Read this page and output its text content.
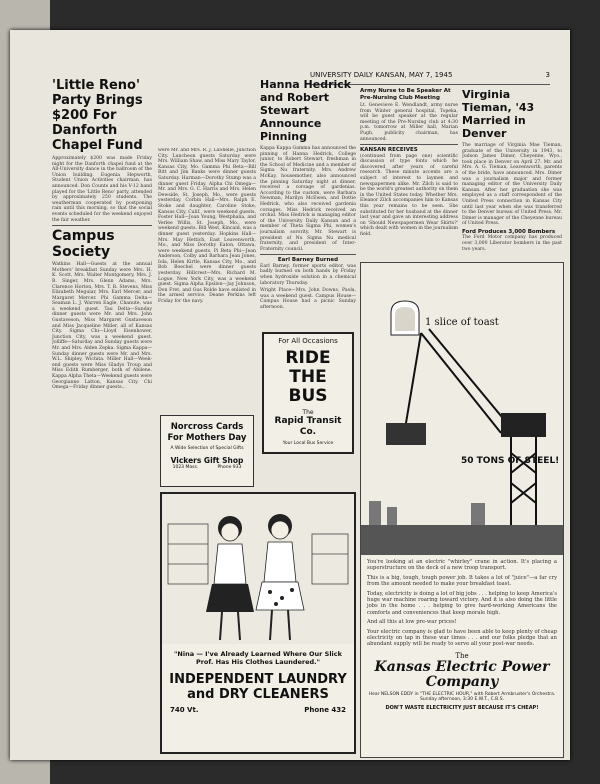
UNIVERSITY DAILY KANSAN, MAY 7, 1945	3
'Little Reno' Party Brings $200 For Danforth Chapel Fund

Approximately $200 was made Friday night for the Danforth chapel fund at the All-University dance in the ballroom of the Union building. Eugenia Hepworth, Student Union Activities chairman, has announced. Don Counts and his V-12 band played for the 'Little Reno' party, attended by approximately 250 students. The weatherman cooperated by postponing rain until this morning, so that the social events scheduled for the weekend enjoyed the fair weather.

Campus Society

Watkins Hall—Guests at the annual Mothers' breakfast Sunday were Mrs. H. K. Scott, Mrs. Walter Montgomery, Mrs. J. B. Singer, Mrs. Glenn Adams, Mrs. Clarence Horton, Mrs. T. R. Stevens, Miss Elizabeth Meguiar, Mrs. Earl Mercer, and Margaret Mercer. Phi Gamma Delta—Seaman L. J. Warren Eagle, Chanute, was a weekend guest. Tau Delta—Sunday dinner guests were Mr. and Mrs. John Gustaveson, Miss Margaret Gustaveson and Miss Jacqueline Miller, all of Kansas City. Sigma Chi—Lloyd Eisenhower, Junction City, was a weekend guest. Jolliffe—Saturday and Sunday guests were Mr. and Mrs. Alden Zepka. Sigma Kappa—Sunday dinner guests were Mr. and Mrs. W.L. Shipley, Wichita. Miller Hall—Week-end guests were Miss Gladys Troup and Miss Edith Rumberger, both of Abilene. Kappa Alpha Theta—Weekend guests were Georgianne Latton, Kansas City. Chi Omega—Friday dinner guests...

were Mr. and Mrs. R. J. LaShelle, Junction City. Luncheon guests Saturday were Mrs. William Shaw, and Miss Mary Taylor, Kansas City, Mo. Gamma Phi Beta—Bill Bitt and Jim Banks were dinner guests Saturday. Harman—Dorothy Stump was a dinner guest Friday. Alpha Chi Omega—Mr. and Mrs. G. C. Harris and Mrs. Helen Dewside, St. Joseph, Mo., were guests yesterday. Corbin Hall—Mrs. Ralph E. Stoke and daughter, Caroline Stoke, Kansas City, Calif., were weekend guests. Foster Hall—Joan Young, Westphalia, and Verlee Willis, St. Joseph, Mo., were weekend guests. Bill West, Kincaid, was a dinner guest yesterday. Hopkins Hall—Mrs. May Hettich, East Leavenworth, Mo., and Miss Dorothy Eaton, Ottawa, were weekend guests. Pi Beta Phi—Jean Anderson, Colby and Barbara Jean Jones, Iola, Helen Kirtle, Kansas City, Mo., and Bob Boechel were dinner guests yesterday. Hillcrest—Mrs. Richard M. Logue, New York City, was a weekend guest. Sigma Alpha Epsilon—Jay Johnson, Don Fret, and Gus Rolde have enlisted in the armed service. Deane Perkins left Friday for the navy.

Norcross Cards For Mothers Day
A Wide Selection of Special Gifts
Vickers Gift Shop
1023 Mass.	Phone 933
Hanna Hedrick and Robert Stewart Announce Pinning

Kappa Kappa Gamma has announced the pinning of Hanna Hedrick, College junior, to Robert Stewart, freshman in the School of Medicine and a member of Sigma Nu fraternity. Mrs. Andrew McKay, housemother, also announced the pinning Saturday night at dinner, received a corsage of gardenias. According to the custom, were Barbara Newman, Marilyn McEwen, and Dottie Hedrick, who also received gardenia corsages. Miss Hedrick received an orchid. Miss Hedrick is managing editor of the University Daily Kansan and a member of Theta Sigma Phi, women's journalism sorority. Mr. Stewart is president of Nu Sigma Nu medical fraternity, and president of Inter-Fraternity council.

Earl Barney Burned

Earl Barney, former sports editor, was badly burned on both hands by Friday when hydroxide solution in a chemical laboratory Thursday.

Wright Place—Mrs. John Downs, Paola, was a weekend guest. Campus House—Campus House had a picnic Sunday afternoon.

For All Occasions
RIDE THE BUS
The
Rapid Transit Co.
Your Local Bus Service
Army Nurse to Be Speaker At Pre-Nursing Club Meeting

Lt. Genevieve E. Wendlandt, army nurse from Winter general hospital, Topeka, will be guest speaker at the regular meeting of the Pre-Nursing club at 4:30 p.m. tomorrow at Miller hall, Marian Pugh, publicity chairman, has announced.

KANSAN RECEIVES

(continued from page one) scientific discussion of type fonts which he discovered after years of careful research. These minute accents are a subject of interest to laymen and newspapermen alike. Mr. Zilch is said to be the world's greatest authority on them in the United States today. Whether Mrs. Eleanor Zilch accompanies him to Kansas this year remains to be seen. She substituted for her husband at the dinner last year and gave an interesting address on 'Should Newspapermen Wear Skirts?' which dealt with women in the journalism field.

Virginia Tieman, '43 Married in Denver

The marriage of Virginia Mae Tieman, graduate of the University in 1943, to Judson James Dimer, Cheyenne, Wyo., took place in Denver on April 27. Mr. and Mrs. A. G. Tieman, Leavenworth, parents of the bride, have announced. Mrs. Dimer was a journalism major and former managing editor of the University Daily Kansan. After her graduation she was employed as a staff correspondent of the United Press connection in Kansas City until last year when she was transferred to the Denver bureau of United Press. Mr. Dimer is manager of the Cheyenne bureau of United Press.

Ford Produces 3,000 Bombers

The Ford Motor company has produced over 3,000 Liberator bombers in the past two years.

"Nina — I've Already Learned Where Our Slick Prof. Has His Clothes Laundered."
INDEPENDENT LAUNDRY and DRY CLEANERS
740 Vt.	Phone 432
1 slice of toast
50 TONS OF STEEL!

You're looking at an electric "whirley" crane in action. It's placing a superstructure on the deck of a new troop transport.

This is a big, tough, tough power job. It takes a lot of "juice"—a far cry from the amount needed to make your breakfast toast.

Today, electricity is doing a lot of big jobs . . . helping to keep America's huge war machine roaring toward victory. And it is also doing the little jobs in the home . . . helping to give hard-working Americans the comforts and conveniences that keep morale high.

And all this at low pre-war prices!

Your electric company is glad to have been able to keep plenty of cheap electricity on tap in these war times . . . and our folks pledge that an abundant supply will be ready to serve all your post-war needs.

The
Kansas Electric Power Company
Hear NELSON EDDY in "THE ELECTRIC HOUR," with Robert Armbruster's Orchestra. Sunday afternoon, 3:30 E.W.T., C.B.S.
DON'T WASTE ELECTRICITY JUST BECAUSE IT'S CHEAP!
